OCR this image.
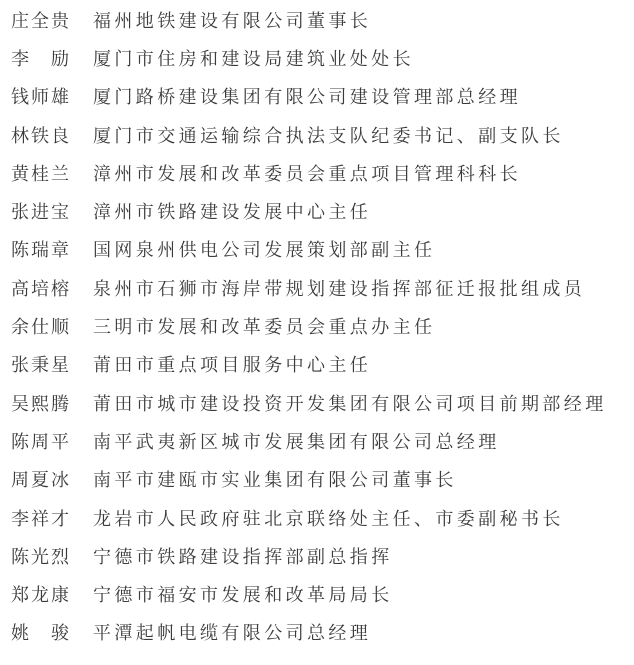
庄全贵 福州地铁建设有限公司董事长
李　励 厦门市住房和建设局建筑业处处长
钱师雄 厦门路桥建设集团有限公司建设管理部总经理
林铁良 厦门市交通运输综合执法支队纪委书记、副支队长
黄桂兰 漳州市发展和改革委员会重点项目管理科科长
张进宝 漳州市铁路建设发展中心主任
陈瑞章 国网泉州供电公司发展策划部副主任
高培榕 泉州市石狮市海岸带规划建设指挥部征迁报批组成员
余仕顺 三明市发展和改革委员会重点办主任
张秉星 莆田市重点项目服务中心主任
吴熙腾 莆田市城市建设投资开发集团有限公司项目前期部经理
陈周平 南平武夷新区城市发展集团有限公司总经理
周夏冰 南平市建瓯市实业集团有限公司董事长
李祥才 龙岩市人民政府驻北京联络处主任、市委副秘书长
陈光烈 宁德市铁路建设指挥部副总指挥
郑龙康 宁德市福安市发展和改革局局长
姚　骏 平潭起帆电缆有限公司总经理
